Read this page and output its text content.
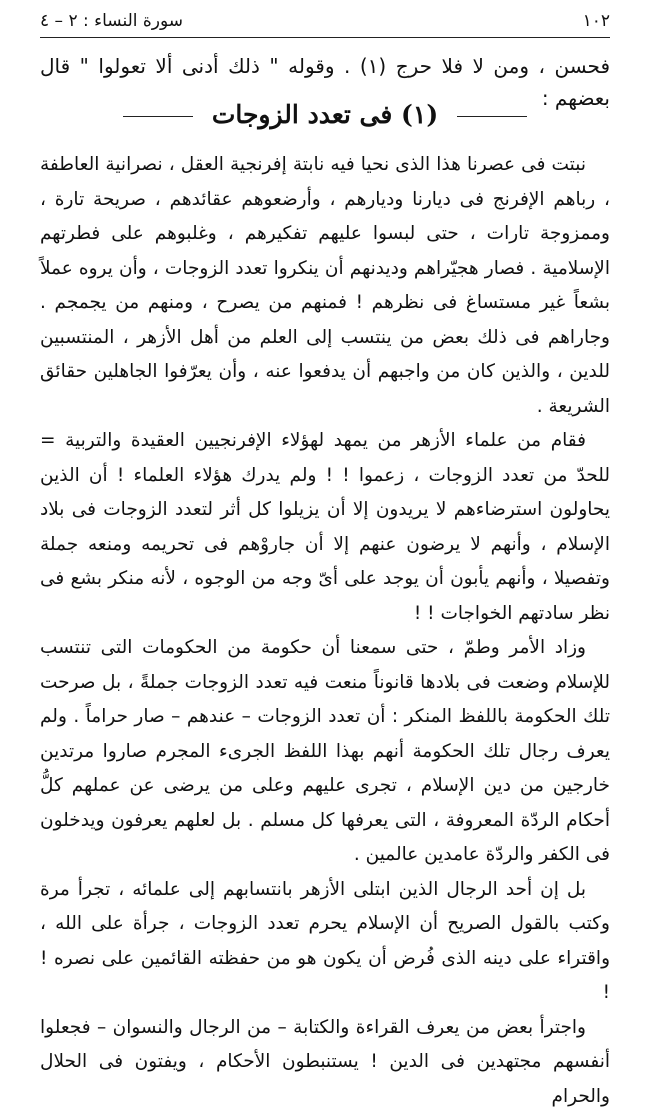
١٠٢
سورة النساء : ٢ – ٤
فحسن ، ومن لا فلا حرج (١) . وقوله " ذلك أدنى ألا تعولوا " قال بعضهم :
(١) فى تعدد الزوجات

نبتت فى عصرنا هذا الذى نحيا فيه نابتة إفرنجية العقل ، نصرانية العاطفة ، رباهم الإفرنج فى ديارنا وديارهم ، وأرضعوهم عقائدهم ، صريحة تارة ، وممزوجة تارات ، حتى لبسوا عليهم تفكيرهم ، وغلبوهم على فطرتهم الإسلامية . فصار هجيّراهم وديدنهم أن ينكروا تعدد الزوجات ، وأن يروه عملاً بشعاً غير مستساغ فى نظرهم ! فمنهم من يصرح ، ومنهم من يجمجم . وجاراهم فى ذلك بعض من ينتسب إلى العلم من أهل الأزهر ، المنتسبين للدين ، والذين كان من واجبهم أن يدفعوا عنه ، وأن يعرّفوا الجاهلين حقائق الشريعة .

فقام من علماء الأزهر من يمهد لهؤلاء الإفرنجيين العقيدة والتربية = للحدّ من تعدد الزوجات ، زعموا ! ! ولم يدرك هؤلاء العلماء ! أن الذين يحاولون استرضاءهم لا يريدون إلا أن يزيلوا كل أثر لتعدد الزوجات فى بلاد الإسلام ، وأنهم لا يرضون عنهم إلا أن جاروْهم فى تحريمه ومنعه جملة وتفصيلا ، وأنهم يأبون أن يوجد على أىّ وجه من الوجوه ، لأنه منكر بشع فى نظر سادتهم الخواجات ! !

وزاد الأمر وطمّ ، حتى سمعنا أن حكومة من الحكومات التى تنتسب للإسلام وضعت فى بلادها قانوناً منعت فيه تعدد الزوجات جملةً ، بل صرحت تلك الحكومة باللفظ المنكر : أن تعدد الزوجات – عندهم – صار حراماً . ولم يعرف رجال تلك الحكومة أنهم بهذا اللفظ الجرىء المجرم صاروا مرتدين خارجين من دين الإسلام ، تجرى عليهم وعلى من يرضى عن عملهم كلُّ أحكام الردّة المعروفة ، التى يعرفها كل مسلم . بل لعلهم يعرفون ويدخلون فى الكفر والردّة عامدين عالمين .

بل إن أحد الرجال الذين ابتلى الأزهر بانتسابهم إلى علمائه ، تجرأ مرة وكتب بالقول الصريح أن الإسلام يحرم تعدد الزوجات ، جرأة على الله ، واقتراء على دينه الذى فُرض أن يكون هو من حفظته القائمين على نصره ! !

واجترأ بعض من يعرف القراءة والكتابة – من الرجال والنسوان – فجعلوا أنفسهم مجتهدين فى الدين ! يستنبطون الأحكام ، ويفتون فى الحلال والحرام
